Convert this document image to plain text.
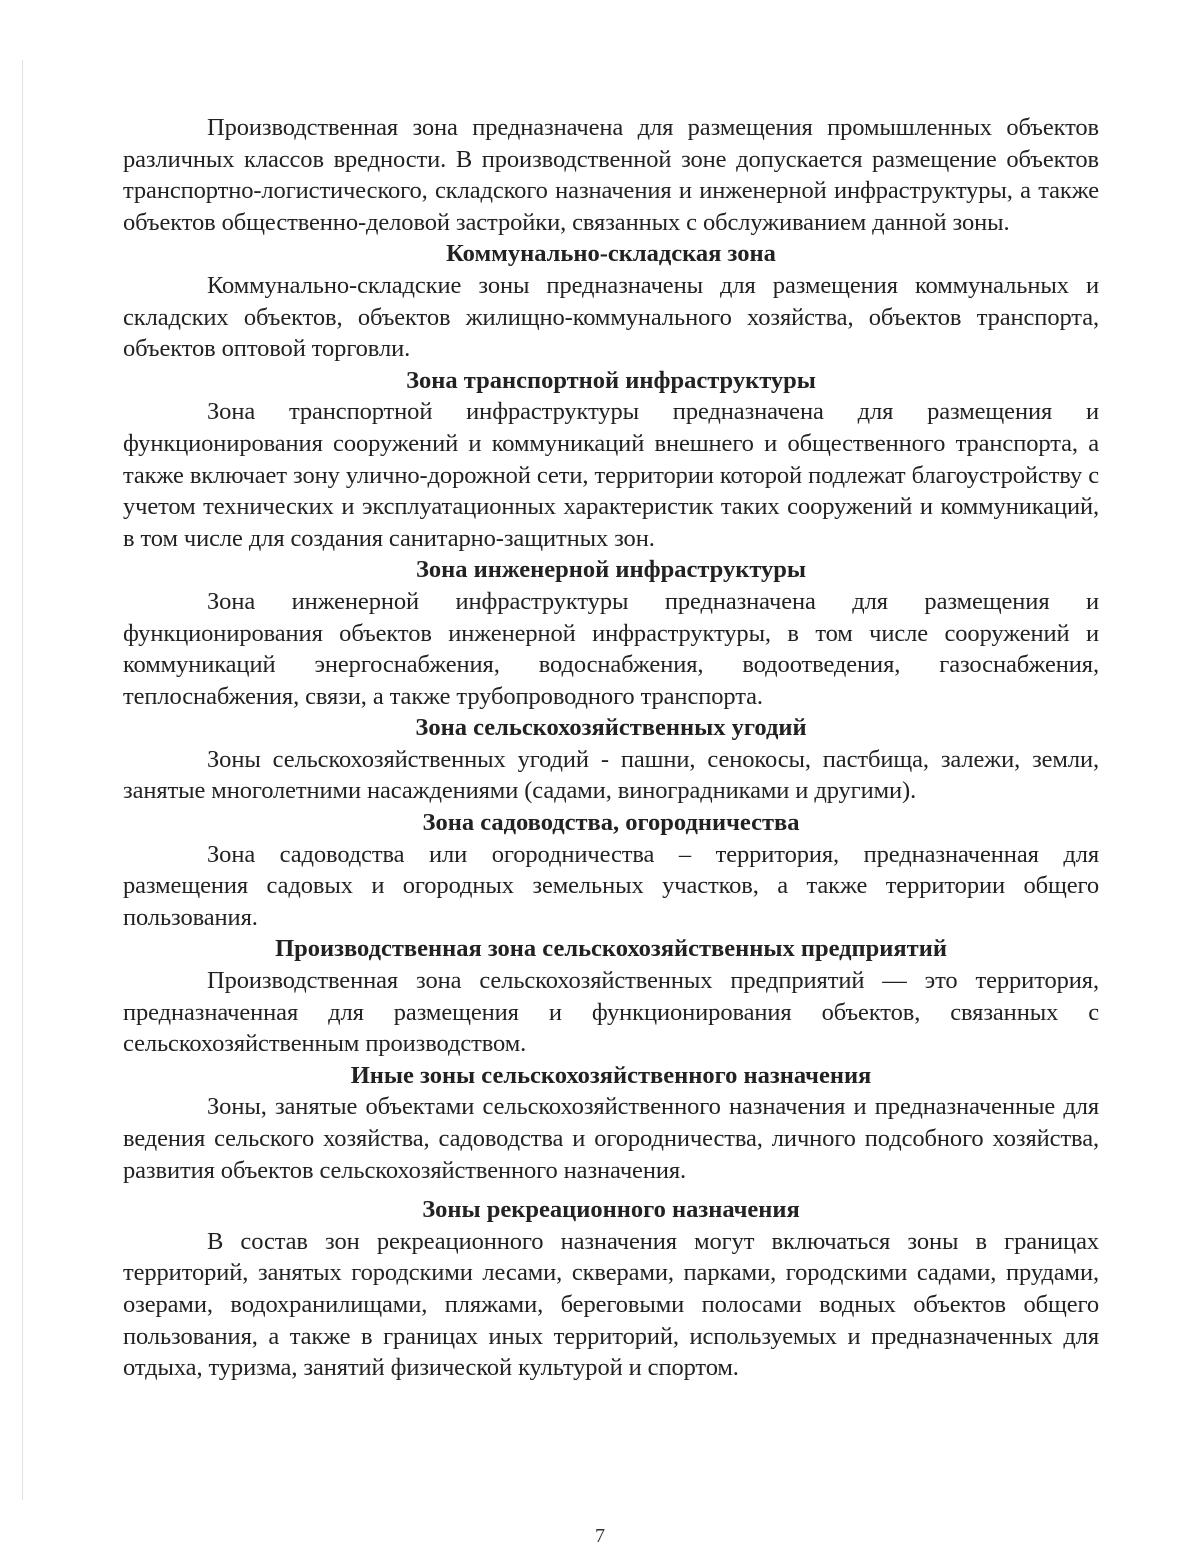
Производственная зона предназначена для размещения промышленных объектов различных классов вредности. В производственной зоне допускается размещение объектов транспортно-логистического, складского назначения и инженерной инфраструктуры, а также объектов общественно-деловой застройки, связанных с обслуживанием данной зоны.

Коммунально-складская зона

Коммунально-складские зоны предназначены для размещения коммунальных и складских объектов, объектов жилищно-коммунального хозяйства, объектов транспорта, объектов оптовой торговли.

Зона транспортной инфраструктуры

Зона транспортной инфраструктуры предназначена для размещения и функционирования сооружений и коммуникаций внешнего и общественного транспорта, а также включает зону улично-дорожной сети, территории которой подлежат благоустройству с учетом технических и эксплуатационных характеристик таких сооружений и коммуникаций, в том числе для создания санитарно-защитных зон.

Зона инженерной инфраструктуры

Зона инженерной инфраструктуры предназначена для размещения и функционирования объектов инженерной инфраструктуры, в том числе сооружений и коммуникаций энергоснабжения, водоснабжения, водоотведения, газоснабжения, теплоснабжения, связи, а также трубопроводного транспорта.

Зона сельскохозяйственных угодий

Зоны сельскохозяйственных угодий - пашни, сенокосы, пастбища, залежи, земли, занятые многолетними насаждениями (садами, виноградниками и другими).

Зона садоводства, огородничества

Зона садоводства или огородничества – территория, предназначенная для размещения садовых и огородных земельных участков, а также территории общего пользования.

Производственная зона сельскохозяйственных предприятий

Производственная зона сельскохозяйственных предприятий — это территория, предназначенная для размещения и функционирования объектов, связанных с сельскохозяйственным производством.

Иные зоны сельскохозяйственного назначения

Зоны, занятые объектами сельскохозяйственного назначения и предназначенные для ведения сельского хозяйства, садоводства и огородничества, личного подсобного хозяйства, развития объектов сельскохозяйственного назначения.

Зоны рекреационного назначения

В состав зон рекреационного назначения могут включаться зоны в границах территорий, занятых городскими лесами, скверами, парками, городскими садами, прудами, озерами, водохранилищами, пляжами, береговыми полосами водных объектов общего пользования, а также в границах иных территорий, используемых и предназначенных для отдыха, туризма, занятий физической культурой и спортом.

7
